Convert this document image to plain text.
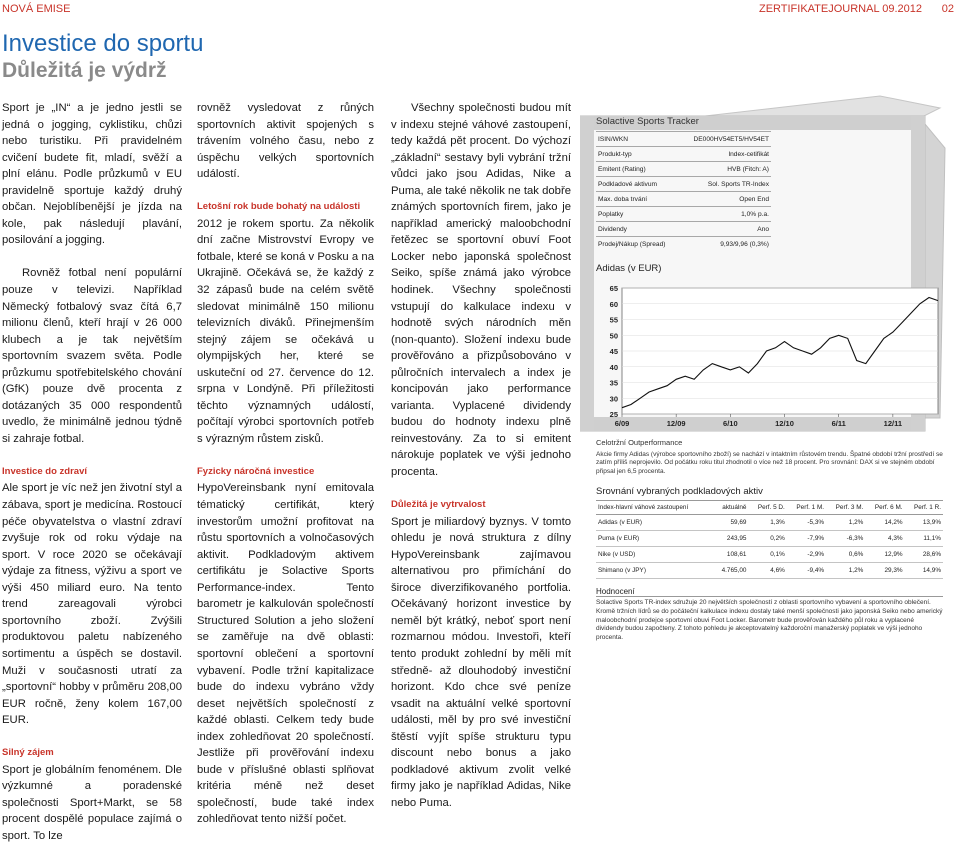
NOVÁ EMISE	ZERTIFIKATEJOURNAL 09.2012 02
Investice do sportu
Důležitá je výdrž

Sport je „IN“ a je jedno jestli se jedná o jogging, cyklistiku, chůzi nebo turistiku. Při pravidelném cvičení budete fit, mladí, svěží a plní elánu. Podle průzkumů v EU pravidelně sportuje každý druhý občan. Nejoblíbenější je jízda na kole, pak následují plavání, posilování a jogging.

Rovněž fotbal není populární pouze v televizi. Například Německý fotbalový svaz čítá 6,7 milionu členů, kteří hrají v 26 000 klubech a je tak největším sportovním svazem světa. Podle průzkumu spotřebitelského chování (GfK) pouze dvě procenta z dotázaných 35 000 respondentů uvedlo, že minimálně jednou týdně si zahraje fotbal.

Investice do zdraví

Ale sport je víc než jen životní styl a zábava, sport je medicína. Rostoucí péče obyvatelstva o vlastní zdraví zvyšuje rok od roku výdaje na sport. V roce 2020 se očekávají výdaje za fitness, výživu a sport ve výši 450 miliard euro. Na tento trend zareagovali výrobci sportovního zboží. Zvýšili produktovou paletu nabízeného sortimentu a úspěch se dostavil. Muži v současnosti utratí za „sportovní“ hobby v průměru 208,00 EUR ročně, ženy kolem 167,00 EUR.

Silný zájem

Sport je globálním fenoménem. Dle výzkumné a poradenské společnosti Sport+Markt, se 58 procent dospělé populace zajímá o sport. To lze

rovněž vysledovat z růných sportovních aktivit spojených s trávením volného času, nebo z úspěchu velkých sportovních událostí.

Letošní rok bude bohatý na události

2012 je rokem sportu. Za několik dní začne Mistrovství Evropy ve fotbale, které se koná v Posku a na Ukrajině. Očekává se, že každý z 32 zápasů bude na celém světě sledovat minimálně 150 milionu televizních diváků. Přinejmenším stejný zájem se očekává u olympijských her, které se uskuteční od 27. července do 12. srpna v Londýně. Při příležitosti těchto významných událostí, počítají výrobci sportovních potřeb s výrazným růstem zisků.

Fyzicky náročná investice

HypoVereinsbank nyní emitovala tématický certifikát, který investorům umožní profitovat na růstu sportovních a volnočasových aktivit. Podkladovým aktivem certifikátu je Solactive Sports Performance-index. Tento barometr je kalkulován společností Structured Solution a jeho složení se zaměřuje na dvě oblasti: sportovní oblečení a sportovní vybavení. Podle tržní kapitalizace bude do indexu vybráno vždy deset největších společností z každé oblasti. Celkem tedy bude index zohledňovat 20 společností. Jestliže při prověřování indexu bude v příslušné oblasti splňovat kritéria méně než deset společností, bude také index zohledňovat tento nižší počet.

Všechny společnosti budou mít v indexu stejné váhové zastoupení, tedy každá pět procent. Do výchozí „základní“ sestavy byli vybrání tržní vůdci jako jsou Adidas, Nike a Puma, ale také několik ne tak dobře známých sportovních firem, jako je například americký maloobchodní řetězec se sportovní obuví Foot Locker nebo japonská společnost Seiko, spíše známá jako výrobce hodinek. Všechny společnosti vstupují do kalkulace indexu v hodnotě svých národních měn (non-quanto). Složení indexu bude prověřováno a přizpůsobováno v půlročních intervalech a index je koncipován jako performance varianta. Vyplacené dividendy budou do hodnoty indexu plně reinvestovány. Za to si emitent nárokuje poplatek ve výši jednoho procenta.

Důležitá je vytrvalost

Sport je miliardový byznys. V tomto ohledu je nová struktura z dílny HypoVereinsbank zajímavou alternativou pro přimíchání do široce diverzifikovaného portfolia. Očekávaný horizont investice by neměl být krátký, neboť sport není rozmarnou módou. Investoři, kteří tento produkt zohlední by měli mít středně- až dlouhodobý investiční horizont. Kdo chce své peníze vsadit na aktuální velké sportovní události, měl by pro své investiční štěstí vyjít spíše strukturu typu discount nebo bonus a jako podkladové aktivum zvolit velké firmy jako je například Adidas, Nike nebo Puma.

Solactive Sports Tracker
ISIN/WKN	DE000HV54ET5/HV54ET
Produkt-typ	Index-cetifikát
Emitent (Rating)	HVB (Fitch: A)
Podkladové aktivum	Sol. Sports TR-Index
Max. doba trvání	Open End
Poplatky	1,0% p.a.
Dividendy	Ano
Prodej/Nákup (Spread)	9,93/9,96 (0,3%)
Adidas (v EUR)
25
30
35
40
45
50
55
60
65
6/09	12/09	6/10	12/10	6/11	12/11
Celotržní Outperformance
Akcie firmy Adidas (výrobce sportovního zboží) se nachází v intaktním růstovém trendu. Špatné období tržní prostředí se zatím příliš neprojevilo. Od počátku roku titul zhodnotil o více než 18 procent. Pro srovnání: DAX si ve stejném období připsal jen 6,5 procenta.
Srovnání vybraných podkladových aktiv
Index-hlavní váhové zastoupení	aktuálně	Perf. 5 D.	Perf. 1 M.	Perf. 3 M.	Perf. 6 M.	Perf. 1 R.
Adidas (v EUR)	59,69	1,3%	-5,3%	1,2%	14,2%	13,9%
Puma (v EUR)	243,95	0,2%	-7,9%	-6,3%	4,3%	11,1%
Nike (v USD)	108,61	0,1%	-2,9%	0,6%	12,9%	28,6%
Shimano (v JPY)	4.765,00	4,6%	-9,4%	1,2%	29,3%	14,9%
Hodnocení
Solactive Sports TR-index sdružuje 20 největších společností z oblasti sportovního vybavení a sportovního oblečení. Kromě tržních lídrů se do počáteční kalkulace indexu dostaly také menší společnosti jako japonská Seiko nebo americký maloobchodní prodejce sportovní obuvi Foot Locker. Barometr bude prověřován každého půl roku a vyplacené dividendy budou započteny. Z tohoto pohledu je akceptovatelný každoroční manažerský poplatek ve výši jednoho procenta.
